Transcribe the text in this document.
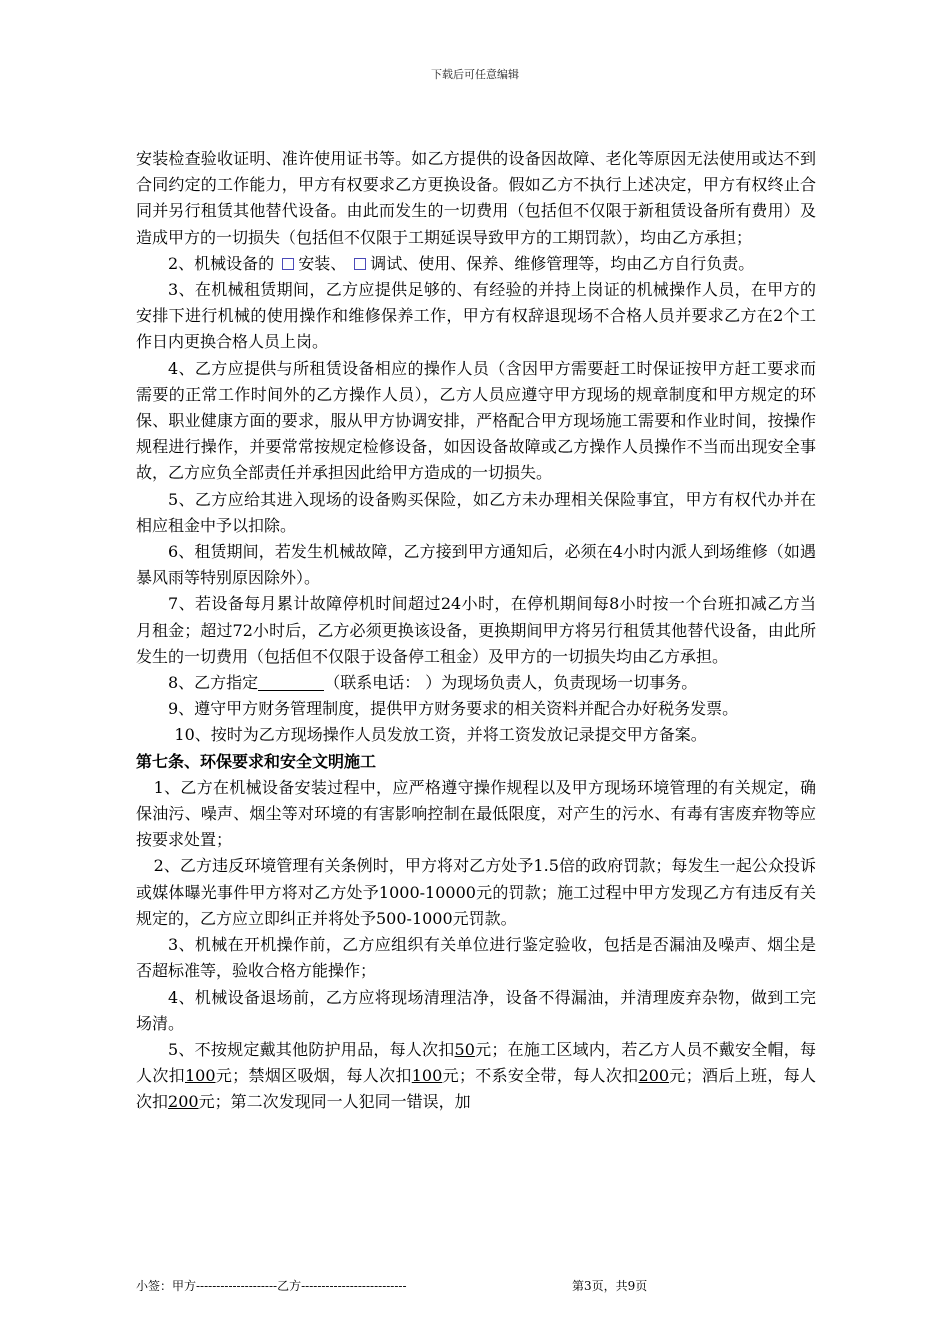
下载后可任意编辑

安装检查验收证明、准许使用证书等。如乙方提供的设备因故障、老化等原因无法使用或达不到合同约定的工作能力，甲方有权要求乙方更换设备。假如乙方不执行上述决定，甲方有权终止合同并另行租赁其他替代设备。由此而发生的一切费用（包括但不仅限于新租赁设备所有费用）及造成甲方的一切损失（包括但不仅限于工期延误导致甲方的工期罚款），均由乙方承担；

2、机械设备的 安装、 调试、使用、保养、维修管理等，均由乙方自行负责。

3、在机械租赁期间，乙方应提供足够的、有经验的并持上岗证的机械操作人员，在甲方的安排下进行机械的使用操作和维修保养工作，甲方有权辞退现场不合格人员并要求乙方在2个工作日内更换合格人员上岗。

4、乙方应提供与所租赁设备相应的操作人员（含因甲方需要赶工时保证按甲方赶工要求而需要的正常工作时间外的乙方操作人员），乙方人员应遵守甲方现场的规章制度和甲方规定的环保、职业健康方面的要求，服从甲方协调安排，严格配合甲方现场施工需要和作业时间，按操作规程进行操作，并要常常按规定检修设备，如因设备故障或乙方操作人员操作不当而出现安全事故，乙方应负全部责任并承担因此给甲方造成的一切损失。

5、乙方应给其进入现场的设备购买保险，如乙方未办理相关保险事宜，甲方有权代办并在相应租金中予以扣除。

6、租赁期间，若发生机械故障，乙方接到甲方通知后，必须在4小时内派人到场维修（如遇暴风雨等特别原因除外）。

7、若设备每月累计故障停机时间超过24小时，在停机期间每8小时按一个台班扣减乙方当月租金；超过72小时后，乙方必须更换该设备，更换期间甲方将另行租赁其他替代设备，由此所发生的一切费用（包括但不仅限于设备停工租金）及甲方的一切损失均由乙方承担。

8、乙方指定	（联系电话： ）为现场负责人，负责现场一切事务。

9、遵守甲方财务管理制度，提供甲方财务要求的相关资料并配合办好税务发票。

10、按时为乙方现场操作人员发放工资，并将工资发放记录提交甲方备案。

第七条、环保要求和安全文明施工

1、乙方在机械设备安装过程中，应严格遵守操作规程以及甲方现场环境管理的有关规定，确保油污、噪声、烟尘等对环境的有害影响控制在最低限度，对产生的污水、有毒有害废弃物等应按要求处置；

2、乙方违反环境管理有关条例时，甲方将对乙方处予1.5倍的政府罚款；每发生一起公众投诉或媒体曝光事件甲方将对乙方处予1000-10000元的罚款；施工过程中甲方发现乙方有违反有关规定的，乙方应立即纠正并将处予500-1000元罚款。

3、机械在开机操作前，乙方应组织有关单位进行鉴定验收，包括是否漏油及噪声、烟尘是否超标准等，验收合格方能操作；

4、机械设备退场前，乙方应将现场清理洁净，设备不得漏油，并清理废弃杂物，做到工完场清。

5、不按规定戴其他防护用品，每人次扣50元；在施工区域内，若乙方人员不戴安全帽，每人次扣100元；禁烟区吸烟，每人次扣100元；不系安全带，每人次扣200元；酒后上班，每人次扣200元；第二次发现同一人犯同一错误，加

小签：甲方--------------------乙方--------------------------	第3页，共9页
